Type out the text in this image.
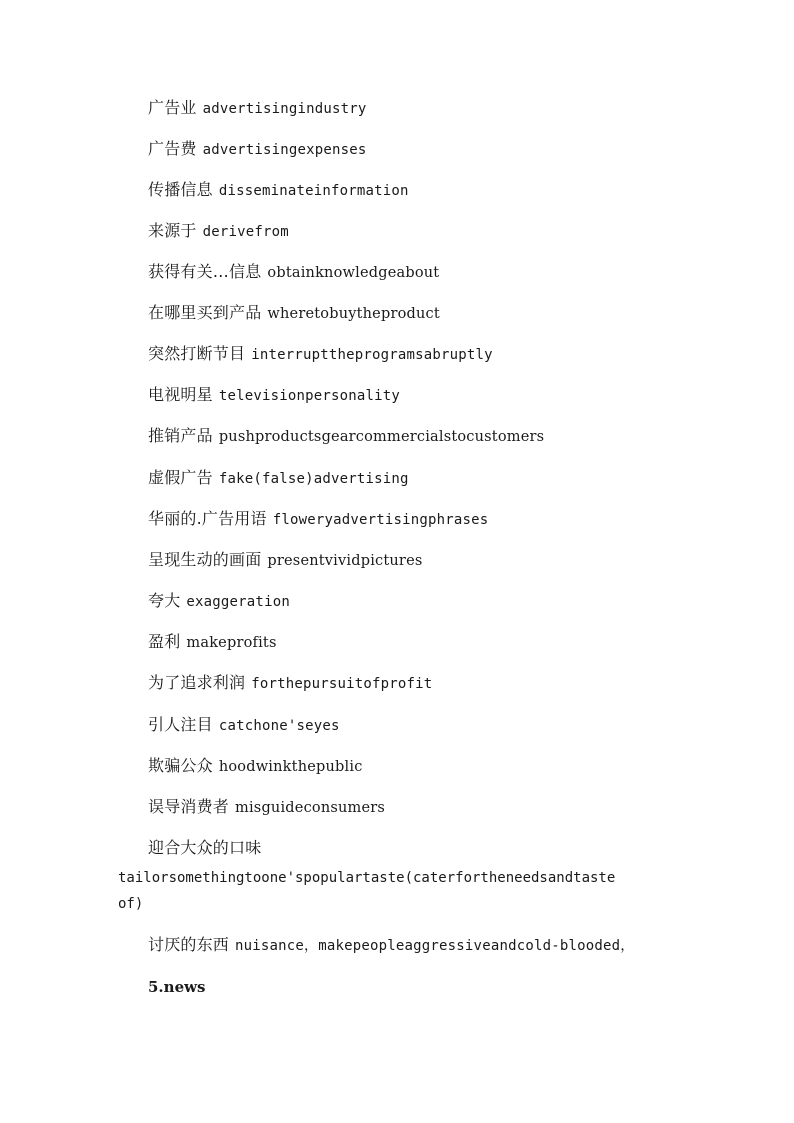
广告业 advertisingindustry
广告费 advertisingexpenses
传播信息 disseminateinformation
来源于 derivefrom
获得有关…信息 obtainknowledgeabout
在哪里买到产品 wheretobuytheproduct
突然打断节目 interrupttheprogramsabruptly
电视明星 televisionpersonality
推销产品 pushproductsgearcommercialstocustomers
虚假广告 fake(false)advertising
华丽的.广告用语 floweryadvertisingphrases
呈现生动的画面 presentvividpictures
夸大 exaggeration
盈利 makeprofits
为了追求利润 forthepursuitofprofit
引人注目 catchone'seyes
欺骗公众 hoodwinkthepublic
误导消费者 misguideconsumers
迎合大众的口味
tailorsomethingtoone'spopulartaste(caterfortheneedsandtaste
of)
讨厌的东西 nuisance，makepeopleaggressiveandcold-blooded，
5.news
